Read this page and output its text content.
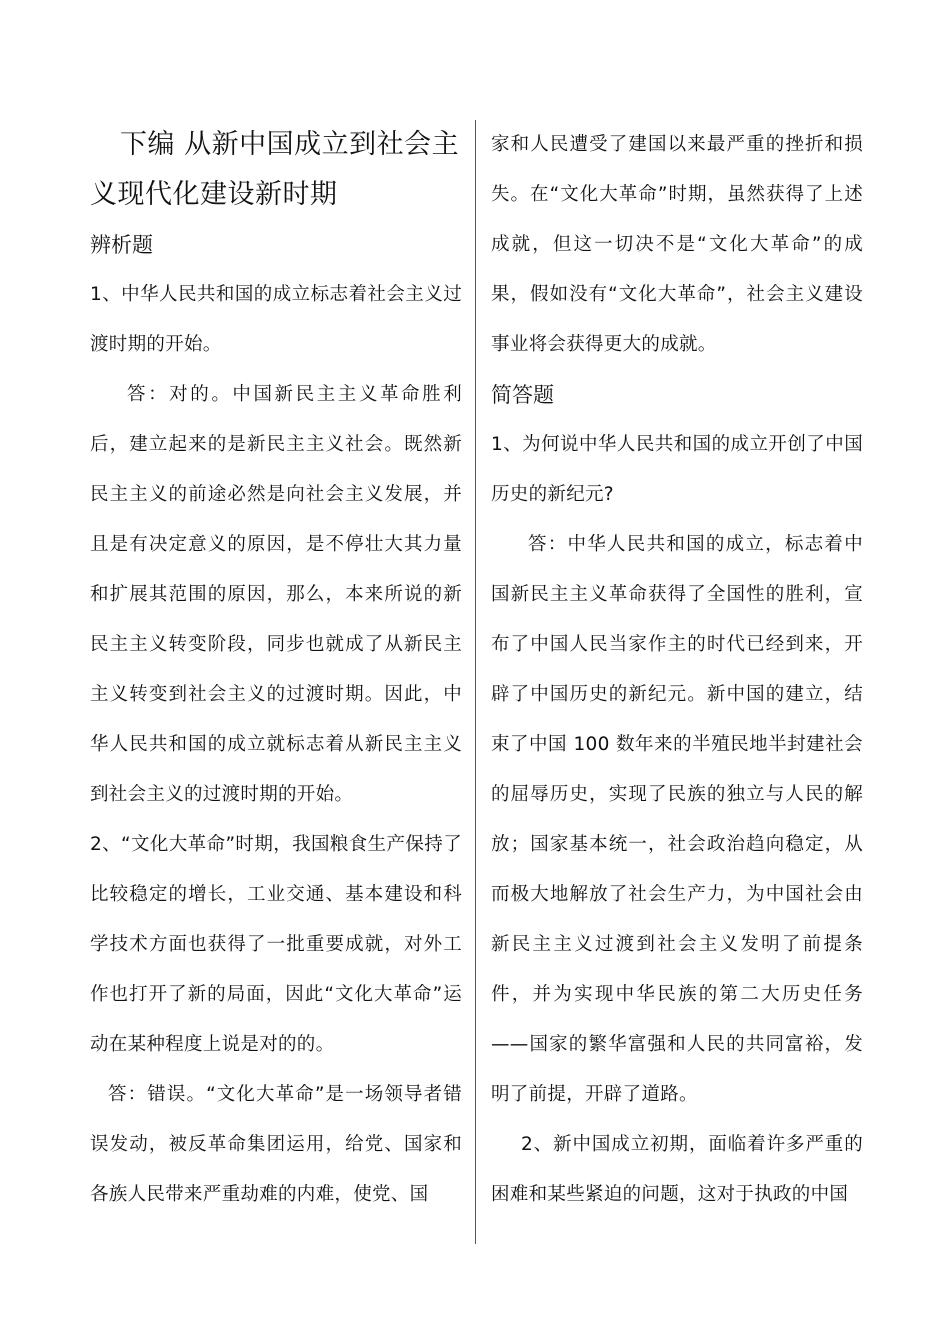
下编 从新中国成立到社会主义现代化建设新时期
辨析题

1、中华人民共和国的成立标志着社会主义过渡时期的开始。

答：对的。中国新民主主义革命胜利后，建立起来的是新民主主义社会。既然新民主主义的前途必然是向社会主义发展，并且是有决定意义的原因，是不停壮大其力量和扩展其范围的原因，那么，本来所说的新民主主义转变阶段，同步也就成了从新民主主义转变到社会主义的过渡时期。因此，中华人民共和国的成立就标志着从新民主主义到社会主义的过渡时期的开始。

2、“文化大革命”时期，我国粮食生产保持了比较稳定的增长，工业交通、基本建设和科学技术方面也获得了一批重要成就，对外工作也打开了新的局面，因此“文化大革命”运动在某种程度上说是对的的。

答：错误。“文化大革命”是一场领导者错误发动，被反革命集团运用，给党、国家和各族人民带来严重劫难的内难，使党、国

家和人民遭受了建国以来最严重的挫折和损失。在“文化大革命”时期，虽然获得了上述成就，但这一切决不是“文化大革命”的成果，假如没有“文化大革命”，社会主义建设事业将会获得更大的成就。

简答题

1、为何说中华人民共和国的成立开创了中国历史的新纪元?

答：中华人民共和国的成立，标志着中国新民主主义革命获得了全国性的胜利，宣布了中国人民当家作主的时代已经到来，开辟了中国历史的新纪元。新中国的建立，结束了中国 100 数年来的半殖民地半封建社会的屈辱历史，实现了民族的独立与人民的解放；国家基本统一，社会政治趋向稳定，从而极大地解放了社会生产力，为中国社会由新民主主义过渡到社会主义发明了前提条件，并为实现中华民族的第二大历史任务——国家的繁华富强和人民的共同富裕，发明了前提，开辟了道路。

2、新中国成立初期，面临着许多严重的困难和某些紧迫的问题，这对于执政的中国
